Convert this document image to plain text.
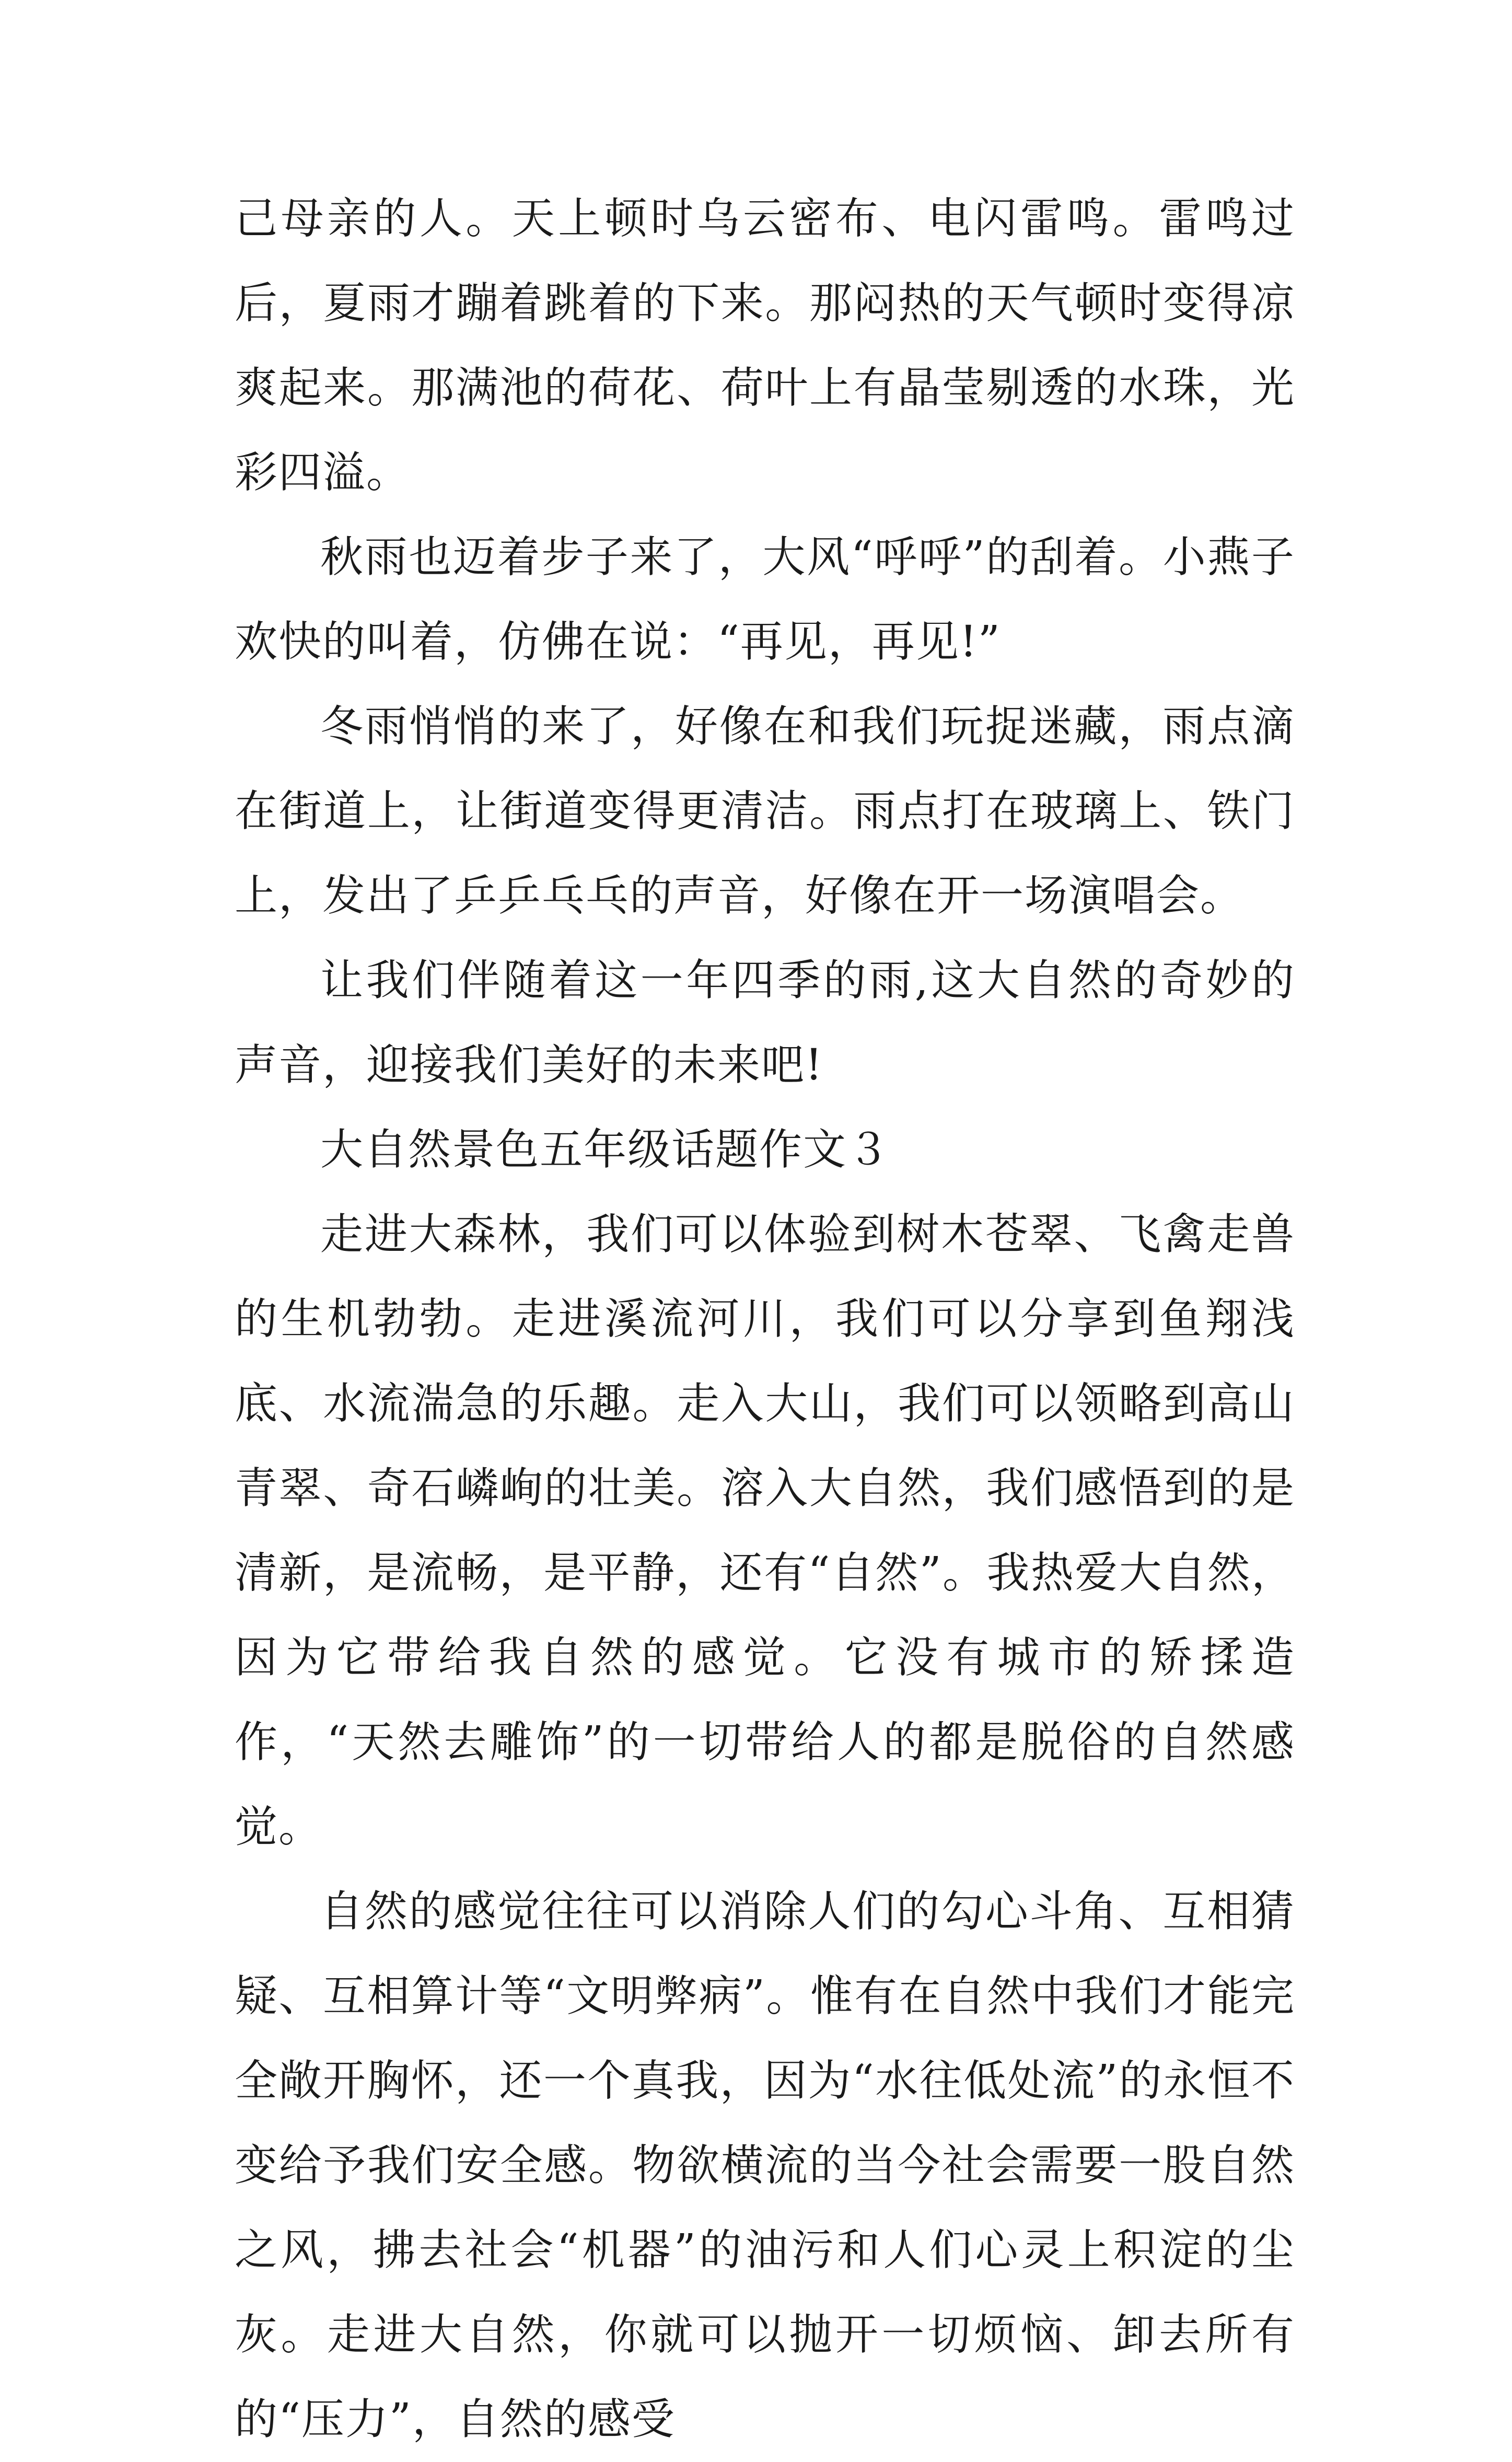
己母亲的人。天上顿时乌云密布、电闪雷鸣。雷鸣过后，夏雨才蹦着跳着的下来。那闷热的天气顿时变得凉爽起来。那满池的荷花、荷叶上有晶莹剔透的水珠，光彩四溢。

秋雨也迈着步子来了，大风“呼呼”的刮着。小燕子欢快的叫着，仿佛在说：“再见，再见!”

冬雨悄悄的来了，好像在和我们玩捉迷藏，雨点滴在街道上，让街道变得更清洁。雨点打在玻璃上、铁门上，发出了乒乒乓乓的声音，好像在开一场演唱会。

让我们伴随着这一年四季的雨,这大自然的奇妙的声音，迎接我们美好的未来吧!

大自然景色五年级话题作文３

走进大森林，我们可以体验到树木苍翠、飞禽走兽的生机勃勃。走进溪流河川，我们可以分享到鱼翔浅底、水流湍急的乐趣。走入大山，我们可以领略到高山青翠、奇石嶙峋的壮美。溶入大自然，我们感悟到的是清新，是流畅，是平静，还有“自然”。我热爱大自然，因为它带给我自然的感觉。它没有城市的矫揉造作，“天然去雕饰”的一切带给人的都是脱俗的自然感觉。

自然的感觉往往可以消除人们的勾心斗角、互相猜疑、互相算计等“文明弊病”。惟有在自然中我们才能完全敞开胸怀，还一个真我，因为“水往低处流”的永恒不变给予我们安全感。物欲横流的当今社会需要一股自然之风，拂去社会“机器”的油污和人们心灵上积淀的尘灰。走进大自然，你就可以抛开一切烦恼、卸去所有的“压力”，自然的感受
